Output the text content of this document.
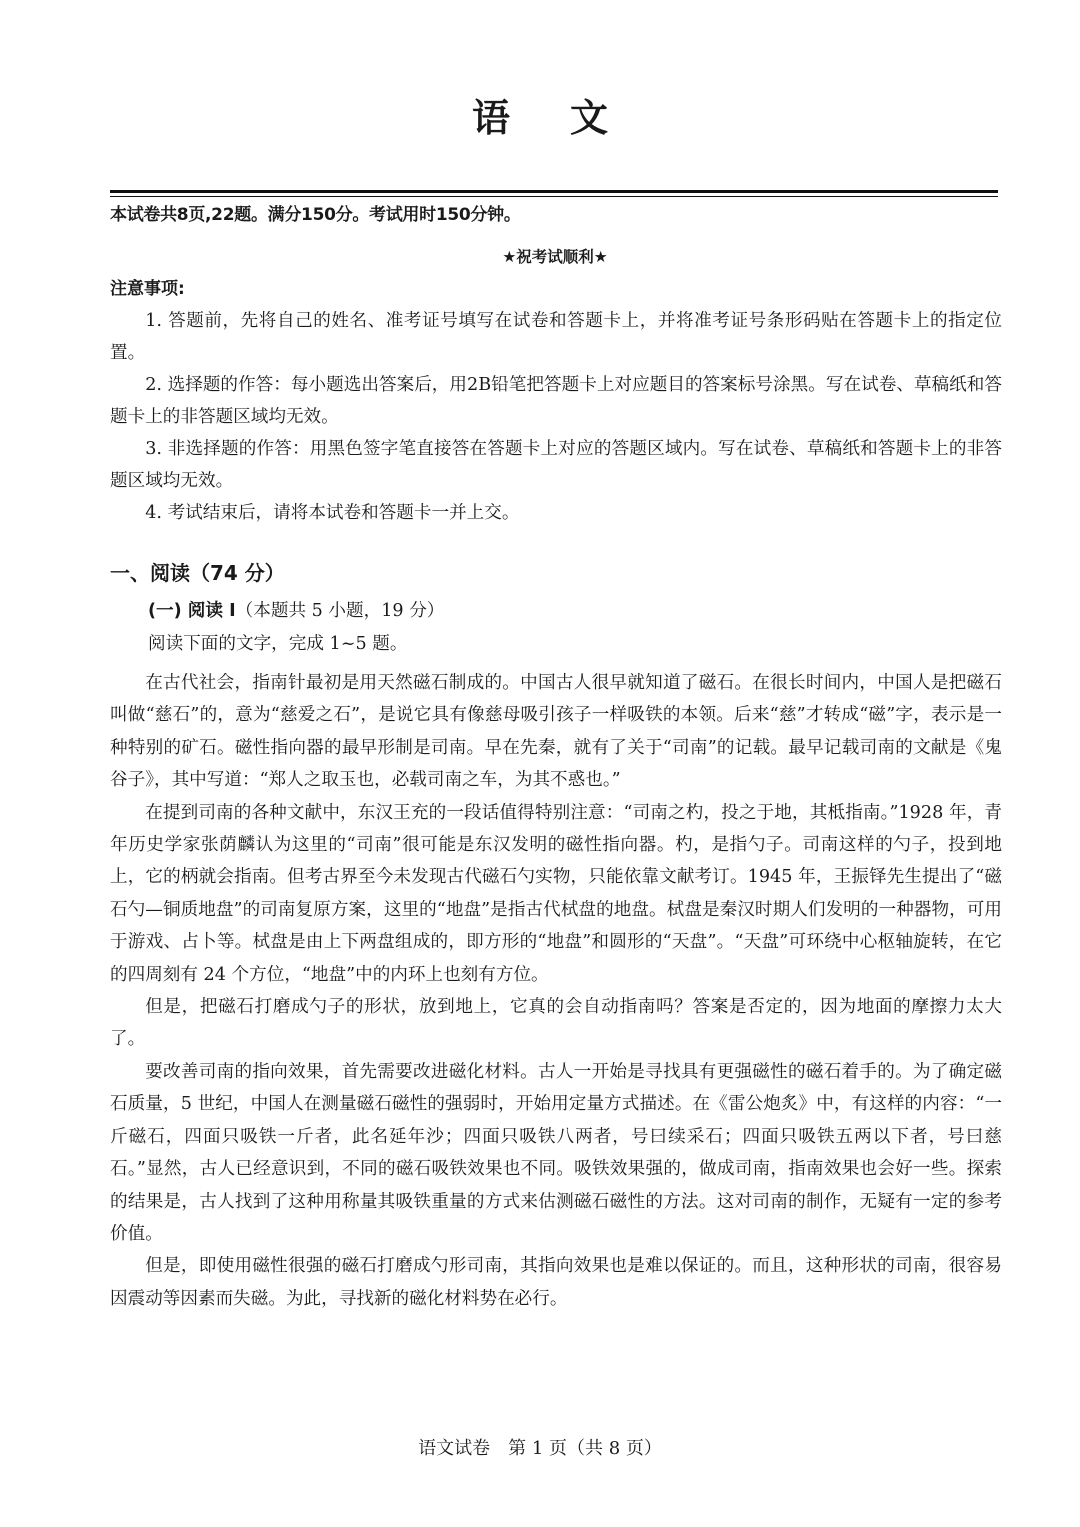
语文
本试卷共8页,22题。满分150分。考试用时150分钟。
★祝考试顺利★
注意事项:

1. 答题前，先将自己的姓名、准考证号填写在试卷和答题卡上，并将准考证号条形码贴在答题卡上的指定位置。

2. 选择题的作答：每小题选出答案后，用2B铅笔把答题卡上对应题目的答案标号涂黑。写在试卷、草稿纸和答题卡上的非答题区域均无效。

3. 非选择题的作答：用黑色签字笔直接答在答题卡上对应的答题区域内。写在试卷、草稿纸和答题卡上的非答题区域均无效。

4. 考试结束后，请将本试卷和答题卡一并上交。

一、阅读（74 分）
(一) 阅读 I（本题共 5 小题，19 分）
阅读下面的文字，完成 1~5 题。

在古代社会，指南针最初是用天然磁石制成的。中国古人很早就知道了磁石。在很长时间内，中国人是把磁石叫做“慈石”的，意为“慈爱之石”，是说它具有像慈母吸引孩子一样吸铁的本领。后来“慈”才转成“磁”字，表示是一种特别的矿石。磁性指向器的最早形制是司南。早在先秦，就有了关于“司南”的记载。最早记载司南的文献是《鬼谷子》，其中写道：“郑人之取玉也，必载司南之车，为其不惑也。”

在提到司南的各种文献中，东汉王充的一段话值得特别注意：“司南之杓，投之于地，其柢指南。”1928 年，青年历史学家张荫麟认为这里的“司南”很可能是东汉发明的磁性指向器。杓，是指勺子。司南这样的勺子，投到地上，它的柄就会指南。但考古界至今未发现古代磁石勺实物，只能依靠文献考订。1945 年，王振铎先生提出了“磁石勺—铜质地盘”的司南复原方案，这里的“地盘”是指古代栻盘的地盘。栻盘是秦汉时期人们发明的一种器物，可用于游戏、占卜等。栻盘是由上下两盘组成的，即方形的“地盘”和圆形的“天盘”。“天盘”可环绕中心枢轴旋转，在它的四周刻有 24 个方位，“地盘”中的内环上也刻有方位。

但是，把磁石打磨成勺子的形状，放到地上，它真的会自动指南吗？答案是否定的，因为地面的摩擦力太大了。

要改善司南的指向效果，首先需要改进磁化材料。古人一开始是寻找具有更强磁性的磁石着手的。为了确定磁石质量，5 世纪，中国人在测量磁石磁性的强弱时，开始用定量方式描述。在《雷公炮炙》中，有这样的内容：“一斤磁石，四面只吸铁一斤者，此名延年沙；四面只吸铁八两者，号曰续采石；四面只吸铁五两以下者，号曰慈石。”显然，古人已经意识到，不同的磁石吸铁效果也不同。吸铁效果强的，做成司南，指南效果也会好一些。探索的结果是，古人找到了这种用称量其吸铁重量的方式来估测磁石磁性的方法。这对司南的制作，无疑有一定的参考价值。

但是，即使用磁性很强的磁石打磨成勺形司南，其指向效果也是难以保证的。而且，这种形状的司南，很容易因震动等因素而失磁。为此，寻找新的磁化材料势在必行。

语文试卷　第 1 页（共 8 页）
